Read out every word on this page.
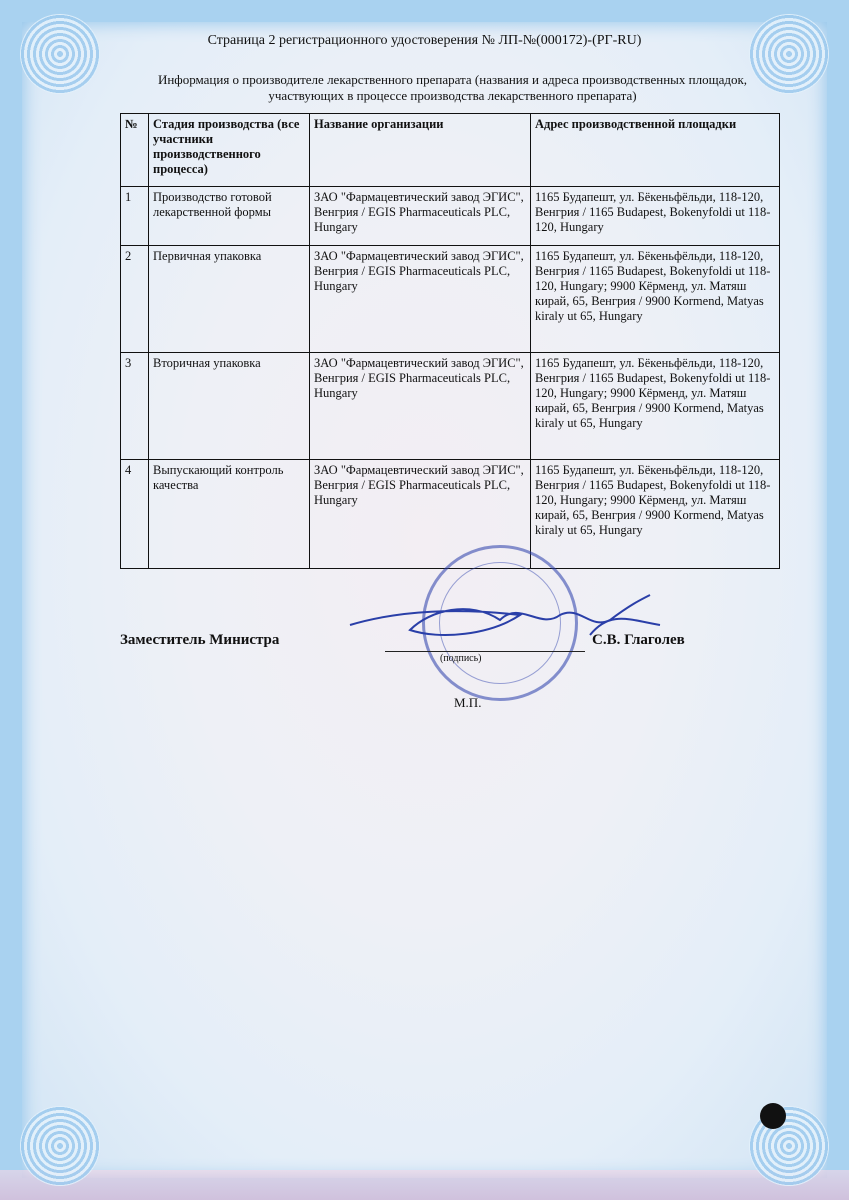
Страница 2 регистрационного удостоверения № ЛП-№(000172)-(РГ-RU)
Информация о производителе лекарственного препарата (названия и адреса производственных площадок, участвующих в процессе производства лекарственного препарата)
№	Стадия производства (все участники производственного процесса)	Название организации	Адрес производственной площадки
1	Производство готовой лекарственной формы	ЗАО "Фармацевтический завод ЭГИС", Венгрия / EGIS Pharmaceuticals PLC, Hungary	1165 Будапешт, ул. Бёкеньфёльди, 118-120, Венгрия / 1165 Budapest, Bokenyfoldi ut 118-120, Hungary
2	Первичная упаковка	ЗАО "Фармацевтический завод ЭГИС", Венгрия / EGIS Pharmaceuticals PLC, Hungary	1165 Будапешт, ул. Бёкеньфёльди, 118-120, Венгрия / 1165 Budapest, Bokenyfoldi ut 118-120, Hungary; 9900 Кёрменд, ул. Матяш кирай, 65, Венгрия / 9900 Kormend, Matyas kiraly ut 65, Hungary
3	Вторичная упаковка	ЗАО "Фармацевтический завод ЭГИС", Венгрия / EGIS Pharmaceuticals PLC, Hungary	1165 Будапешт, ул. Бёкеньфёльди, 118-120, Венгрия / 1165 Budapest, Bokenyfoldi ut 118-120, Hungary; 9900 Кёрменд, ул. Матяш кирай, 65, Венгрия / 9900 Kormend, Matyas kiraly ut 65, Hungary
4	Выпускающий контроль качества	ЗАО "Фармацевтический завод ЭГИС", Венгрия / EGIS Pharmaceuticals PLC, Hungary	1165 Будапешт, ул. Бёкеньфёльди, 118-120, Венгрия / 1165 Budapest, Bokenyfoldi ut 118-120, Hungary; 9900 Кёрменд, ул. Матяш кирай, 65, Венгрия / 9900 Kormend, Matyas kiraly ut 65, Hungary
Заместитель Министра
(подпись)
С.В. Глаголев
М.П.
